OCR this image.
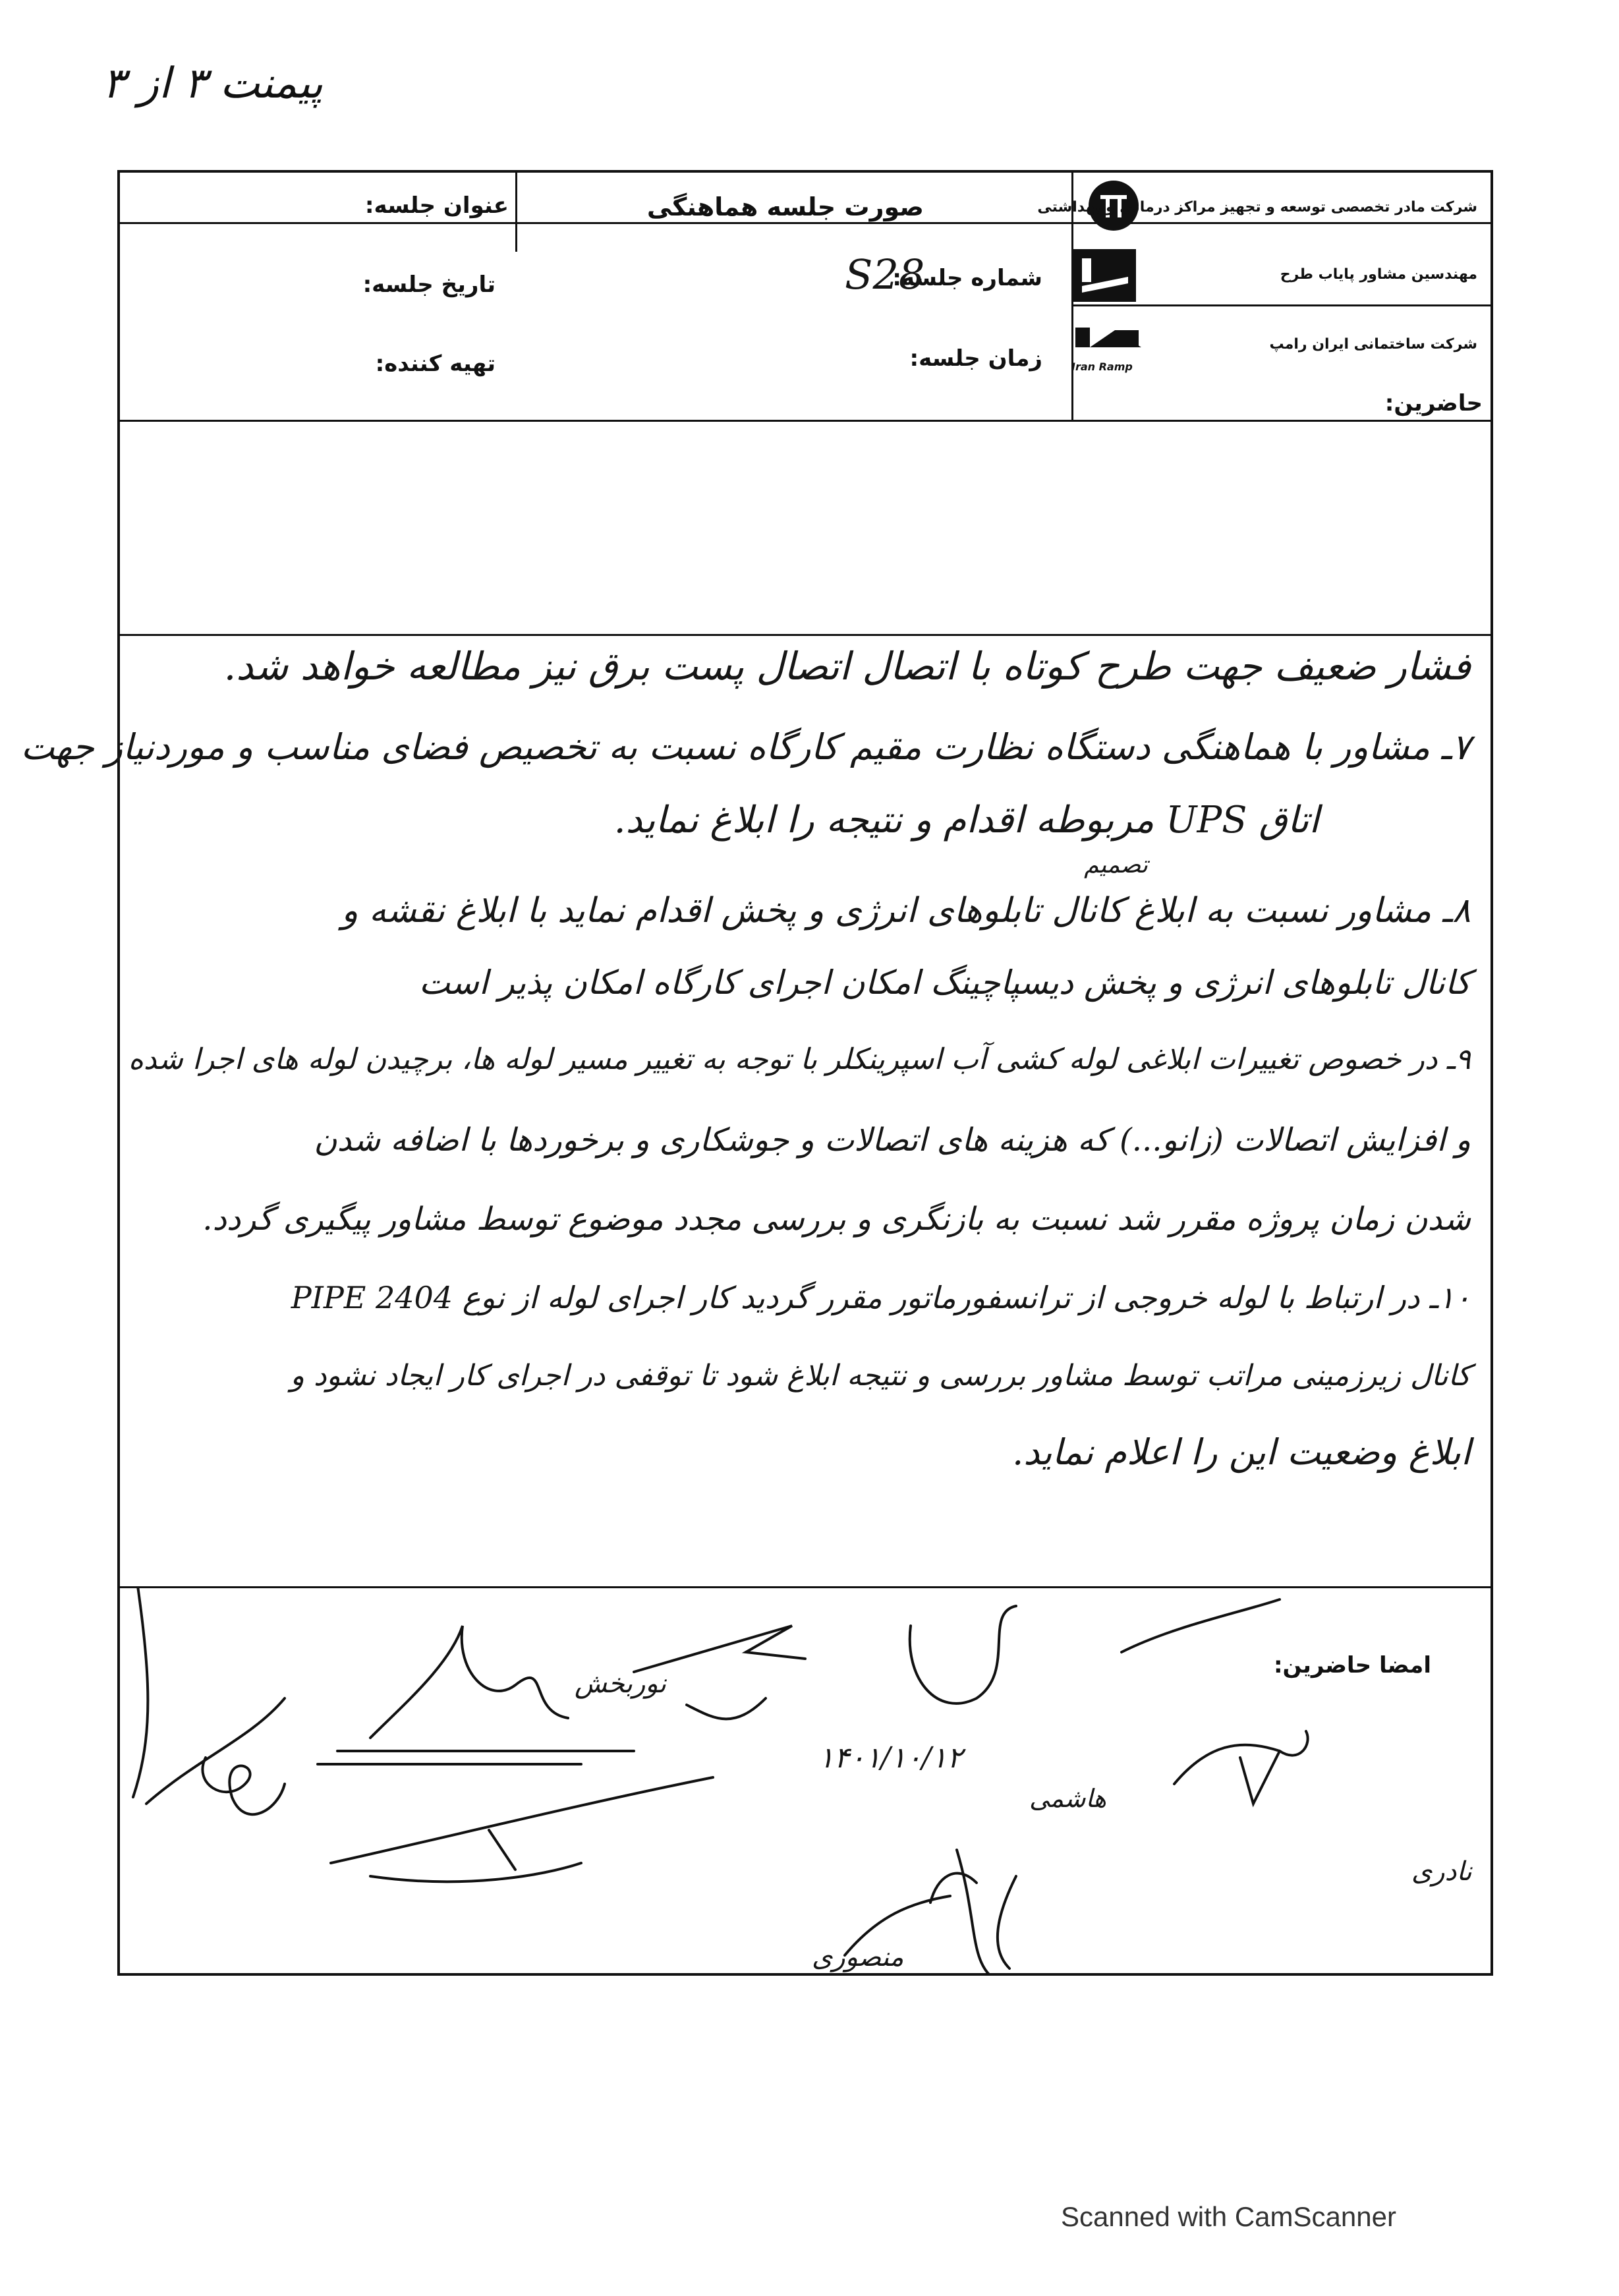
پیمنت ۳ از ۳
عنوان جلسه:	صورت جلسه هماهنگی	شرکت مادر تخصصی توسعه و تجهیز مراکز درمانی و بهداشتی
مهندسین مشاور پایاب طرح
Iran Ramp
شرکت ساختمانی ایران رامپ
تاریخ جلسه:	شماره جلسه:
S28
تهیه کننده:	زمان جلسه:
حاضرین:
فشار ضعیف جهت طرح کوتاه با اتصال اتصال پست برق نیز مطالعه خواهد شد.
۷ـ مشاور با هماهنگی دستگاه نظارت مقیم کارگاه نسبت به تخصیص فضای مناسب و موردنیاز جهت
اتاق UPS مربوطه اقدام و نتیجه را ابلاغ نماید.
تصمیم
۸ـ مشاور نسبت به ابلاغ کانال تابلوهای انرژی و پخش اقدام نماید با ابلاغ نقشه و
کانال تابلوهای انرژی و پخش دیسپاچینگ امکان اجرای کارگاه امکان پذیر است
۹ـ در خصوص تغییرات ابلاغی لوله کشی آب اسپرینکلر با توجه به تغییر مسیر لوله ها، برچیدن لوله های اجرا شده
و افزایش اتصالات (زانو...) که هزینه های اتصالات و جوشکاری و برخوردها با اضافه شدن
شدن زمان پروژه مقرر شد نسبت به بازنگری و بررسی مجدد موضوع توسط مشاور پیگیری گردد.
۱۰ـ در ارتباط با لوله خروجی از ترانسفورماتور مقرر گردید کار اجرای لوله از نوع PIPE 2404
کانال زیرزمینی مراتب توسط مشاور بررسی و نتیجه ابلاغ شود تا توقفی در اجرای کار ایجاد نشود و
ابلاغ وضعیت این را اعلام نماید.
امضا حاضرین:
نوربخش
۱۴۰۱/۱۰/۱۲
هاشمی
نادری
منصوری
Scanned with CamScanner
